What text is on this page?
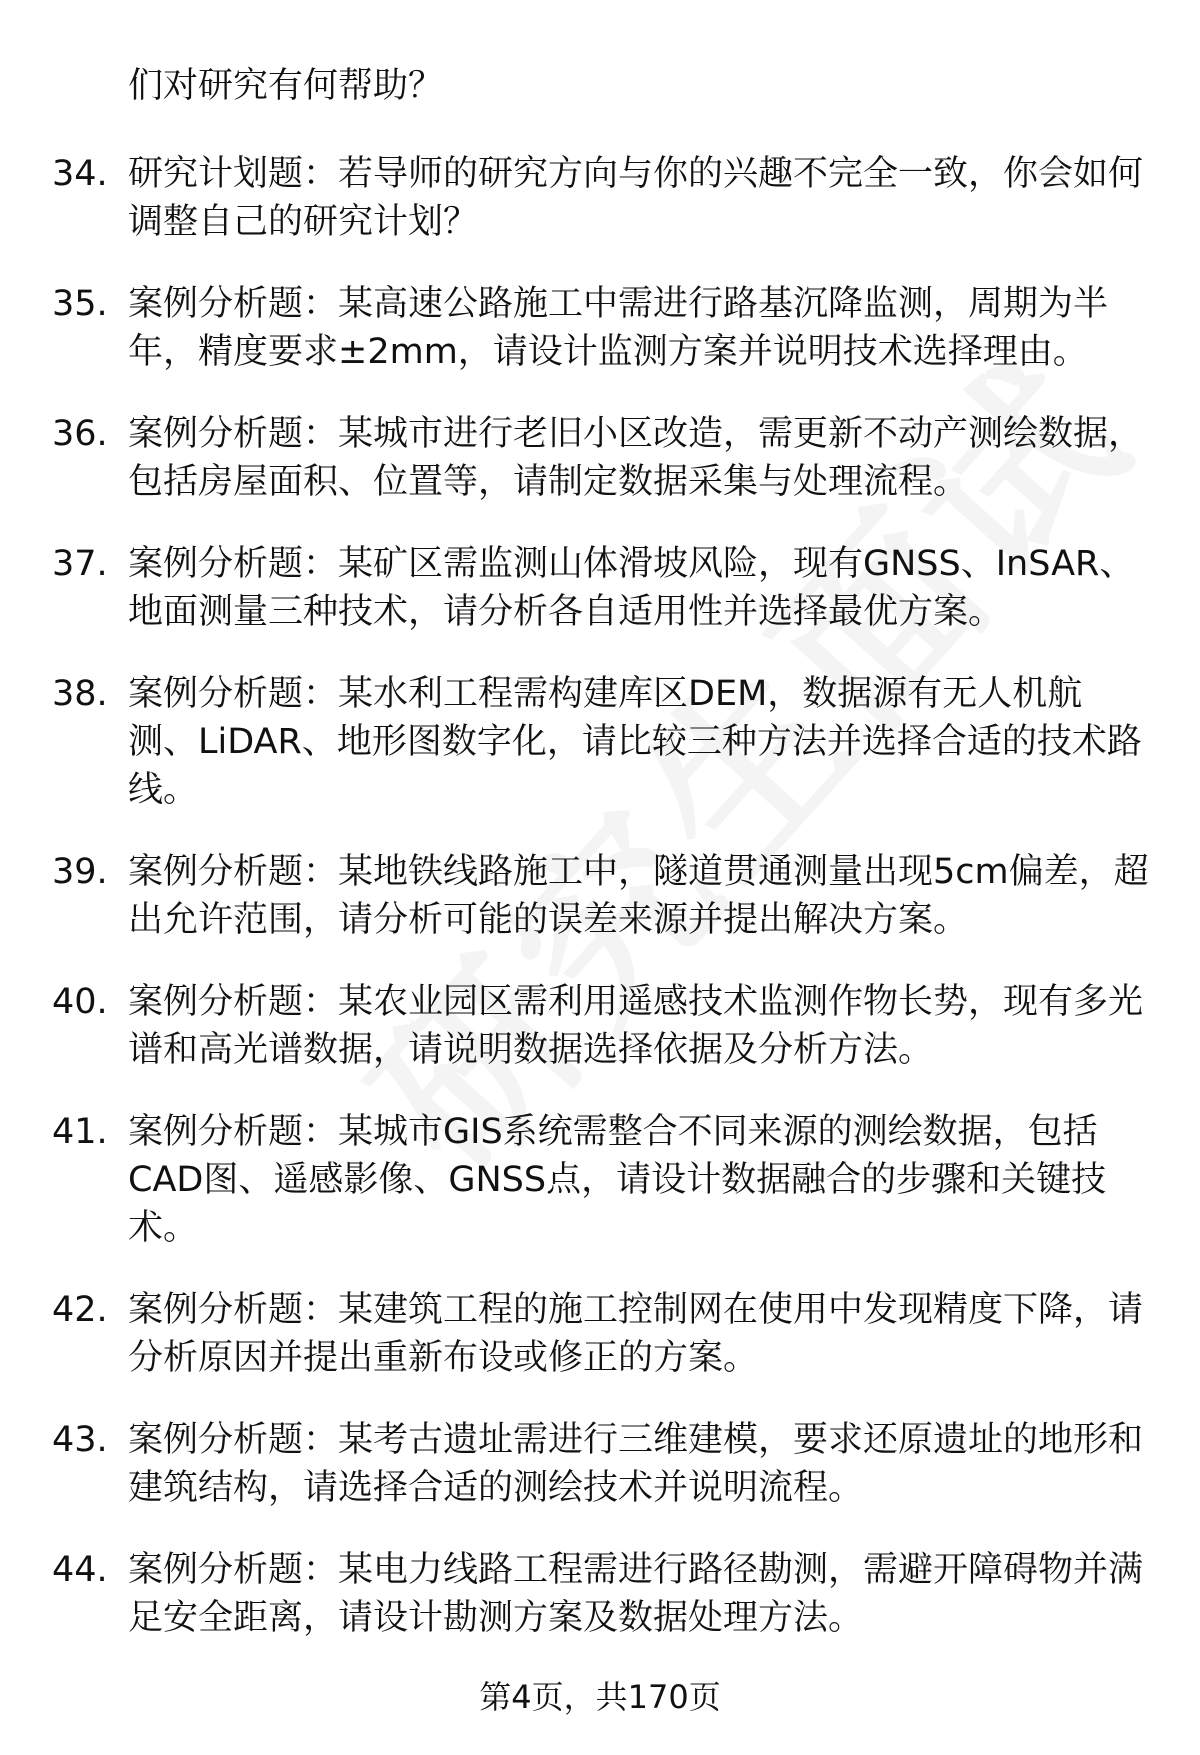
们对研究有何帮助？
34. 研究计划题：若导师的研究方向与你的兴趣不完全一致，你会如何调整自己的研究计划？
35. 案例分析题：某高速公路施工中需进行路基沉降监测，周期为半年，精度要求±2mm，请设计监测方案并说明技术选择理由。
36. 案例分析题：某城市进行老旧小区改造，需更新不动产测绘数据，包括房屋面积、位置等，请制定数据采集与处理流程。
37. 案例分析题：某矿区需监测山体滑坡风险，现有GNSS、InSAR、地面测量三种技术，请分析各自适用性并选择最优方案。
38. 案例分析题：某水利工程需构建库区DEM，数据源有无人机航测、LiDAR、地形图数字化，请比较三种方法并选择合适的技术路线。
39. 案例分析题：某地铁线路施工中，隧道贯通测量出现5cm偏差，超出允许范围，请分析可能的误差来源并提出解决方案。
40. 案例分析题：某农业园区需利用遥感技术监测作物长势，现有多光谱和高光谱数据，请说明数据选择依据及分析方法。
41. 案例分析题：某城市GIS系统需整合不同来源的测绘数据，包括CAD图、遥感影像、GNSS点，请设计数据融合的步骤和关键技术。
42. 案例分析题：某建筑工程的施工控制网在使用中发现精度下降，请分析原因并提出重新布设或修正的方案。
43. 案例分析题：某考古遗址需进行三维建模，要求还原遗址的地形和建筑结构，请选择合适的测绘技术并说明流程。
44. 案例分析题：某电力线路工程需进行路径勘测，需避开障碍物并满足安全距离，请设计勘测方案及数据处理方法。
第4页，共170页
